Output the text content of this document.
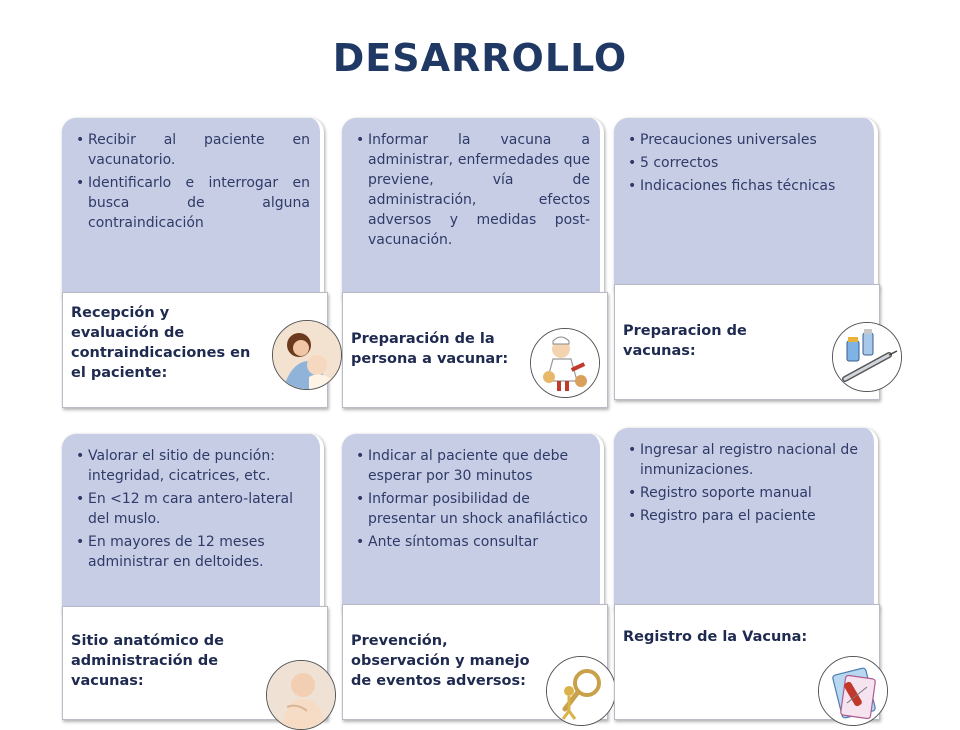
DESARROLLO
• Recibir al paciente en vacunatorio.
• Identificarlo e interrogar en busca de alguna contraindicación
Recepción y evaluación de contraindicaciones en el paciente:
• Informar la vacuna a administrar, enfermedades que previene, vía de administración, efectos adversos y medidas post-vacunación.
Preparación de la persona a vacunar:
• Precauciones universales
• 5 correctos
• Indicaciones fichas técnicas
Preparacion de vacunas:
• Valorar el sitio de punción: integridad, cicatrices, etc.
• En <12 m cara antero-lateral del muslo.
• En mayores de 12 meses administrar en deltoides.
Sitio anatómico de administración de vacunas:
• Indicar al paciente que debe esperar por 30 minutos
• Informar posibilidad de presentar un shock anafiláctico
• Ante síntomas consultar
Prevención, observación y manejo de eventos adversos:
• Ingresar al registro nacional de inmunizaciones.
• Registro soporte manual
• Registro para el paciente
Registro de la Vacuna:
